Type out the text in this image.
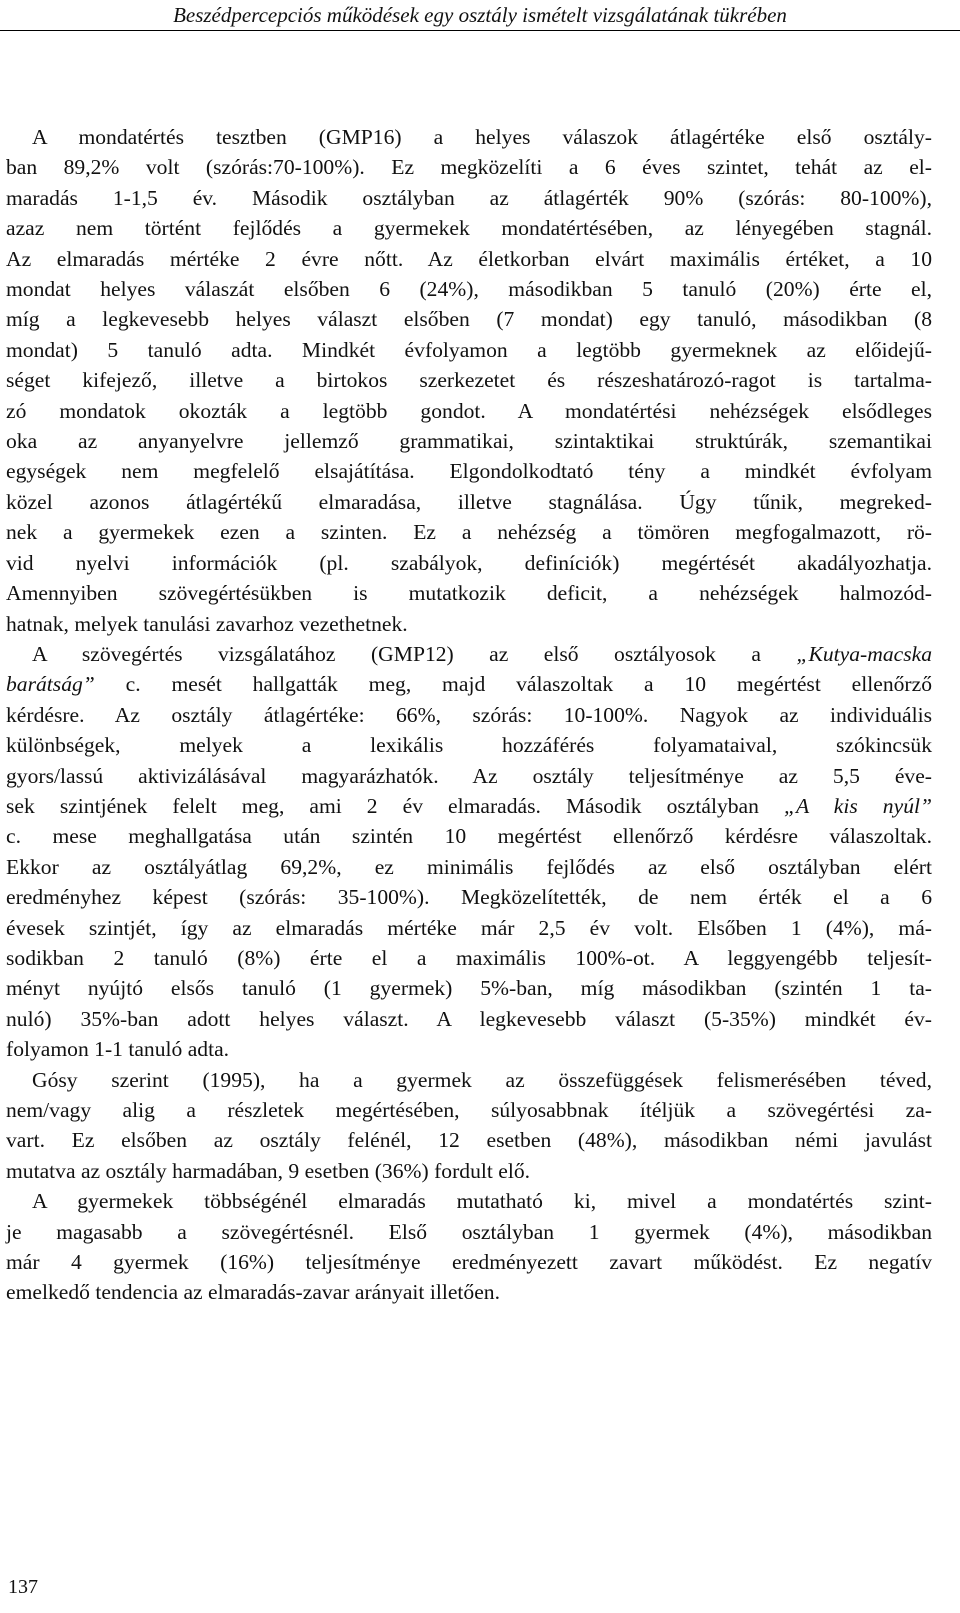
Beszédpercepciós működések egy osztály ismételt vizsgálatának tükrében

A mondatértés tesztben (GMP16) a helyes válaszok átlagértéke első osztály-
ban 89,2% volt (szórás:70-100%). Ez megközelíti a 6 éves szintet, tehát az el-
maradás 1-1,5 év. Második osztályban az átlagérték 90% (szórás: 80-100%),
azaz nem történt fejlődés a gyermekek mondatértésében, az lényegében stagnál.
Az elmaradás mértéke 2 évre nőtt. Az életkorban elvárt maximális értéket, a 10
mondat helyes válaszát elsőben 6 (24%), másodikban 5 tanuló (20%) érte el,
míg a legkevesebb helyes választ elsőben (7 mondat) egy tanuló, másodikban (8
mondat) 5 tanuló adta. Mindkét évfolyamon a legtöbb gyermeknek az előidejű-
séget kifejező, illetve a birtokos szerkezetet és részeshatározó-ragot is tartalma-
zó mondatok okozták a legtöbb gondot. A mondatértési nehézségek elsődleges
oka az anyanyelvre jellemző grammatikai, szintaktikai struktúrák, szemantikai
egységek nem megfelelő elsajátítása. Elgondolkodtató tény a mindkét évfolyam
közel azonos átlagértékű elmaradása, illetve stagnálása. Úgy tűnik, megreked-
nek a gyermekek ezen a szinten. Ez a nehézség a tömören megfogalmazott, rö-
vid nyelvi információk (pl. szabályok, definíciók) megértését akadályozhatja.
Amennyiben szövegértésükben is mutatkozik deficit, a nehézségek halmozód-
hatnak, melyek tanulási zavarhoz vezethetnek.

A szövegértés vizsgálatához (GMP12) az első osztályosok a „Kutya-macska
barátság” c. mesét hallgatták meg, majd válaszoltak a 10 megértést ellenőrző
kérdésre. Az osztály átlagértéke: 66%, szórás: 10-100%. Nagyok az individuális
különbségek, melyek a lexikális hozzáférés folyamataival, szókincsük
gyors/lassú aktivizálásával magyarázhatók. Az osztály teljesítménye az 5,5 éve-
sek szintjének felelt meg, ami 2 év elmaradás. Második osztályban „A kis nyúl”
c. mese meghallgatása után szintén 10 megértést ellenőrző kérdésre válaszoltak.
Ekkor az osztályátlag 69,2%, ez minimális fejlődés az első osztályban elért
eredményhez képest (szórás: 35-100%). Megközelítették, de nem érték el a 6
évesek szintjét, így az elmaradás mértéke már 2,5 év volt. Elsőben 1 (4%), má-
sodikban 2 tanuló (8%) érte el a maximális 100%-ot. A leggyengébb teljesít-
ményt nyújtó elsős tanuló (1 gyermek) 5%-ban, míg másodikban (szintén 1 ta-
nuló) 35%-ban adott helyes választ. A legkevesebb választ (5-35%) mindkét év-
folyamon 1-1 tanuló adta.

Gósy szerint (1995), ha a gyermek az összefüggések felismerésében téved,
nem/vagy alig a részletek megértésében, súlyosabbnak ítéljük a szövegértési za-
vart. Ez elsőben az osztály felénél, 12 esetben (48%), másodikban némi javulást
mutatva az osztály harmadában, 9 esetben (36%) fordult elő.

A gyermekek többségénél elmaradás mutatható ki, mivel a mondatértés szint-
je magasabb a szövegértésnél. Első osztályban 1 gyermek (4%), másodikban
már 4 gyermek (16%) teljesítménye eredményezett zavart működést. Ez negatív
emelkedő tendencia az elmaradás-zavar arányait illetően.

137
